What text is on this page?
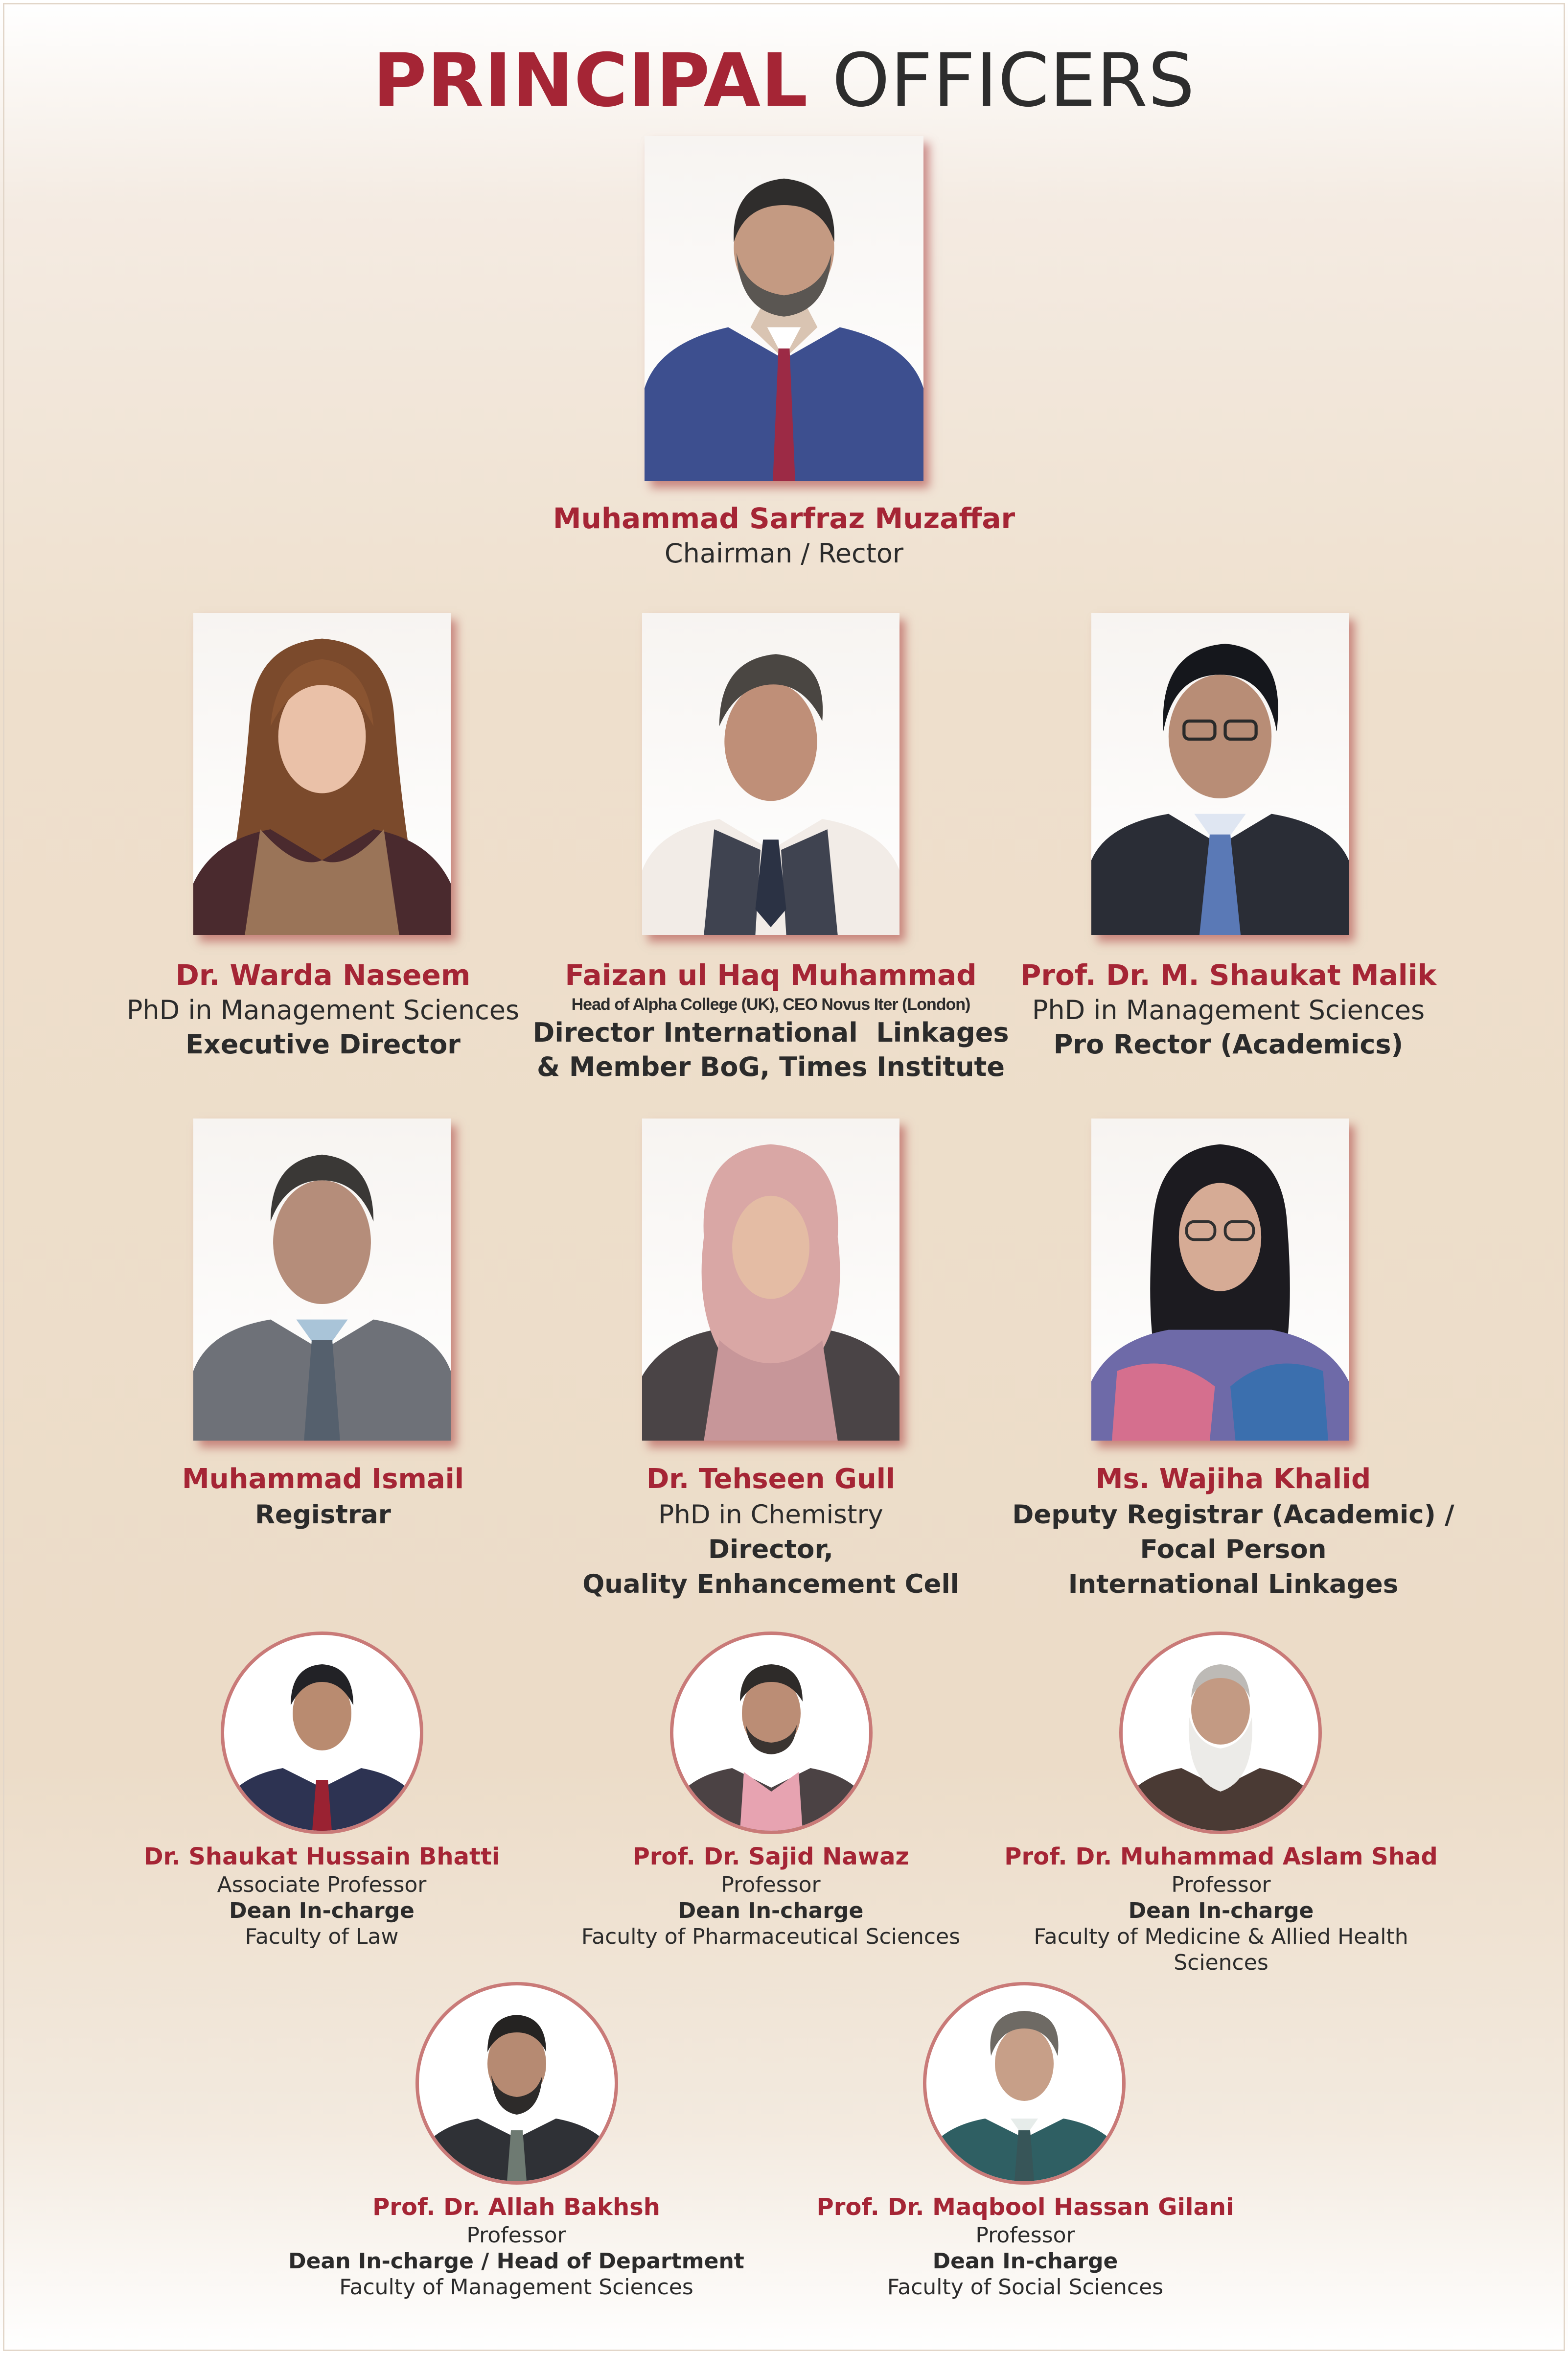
PRINCIPAL OFFICERS
Muhammad Sarfraz Muzaffar
Chairman / Rector
Dr. Warda Naseem
PhD in Management Sciences
Executive Director
Faizan ul Haq Muhammad
Head of Alpha College (UK), CEO Novus Iter (London)
Director International  Linkages
& Member BoG, Times Institute
Prof. Dr. M. Shaukat Malik
PhD in Management Sciences
Pro Rector (Academics)
Muhammad Ismail
Registrar
Dr. Tehseen Gull
PhD in Chemistry
Director,
Quality Enhancement Cell
Ms. Wajiha Khalid
Deputy Registrar (Academic) /
Focal Person
International Linkages
Dr. Shaukat Hussain Bhatti
Associate Professor
Dean In-charge
Faculty of Law
Prof. Dr. Sajid Nawaz
Professor
Dean In-charge
Faculty of Pharmaceutical Sciences
Prof. Dr. Muhammad Aslam Shad
Professor
Dean In-charge
Faculty of Medicine & Allied Health Sciences
Prof. Dr. Allah Bakhsh
Professor
Dean In-charge / Head of Department
Faculty of Management Sciences
Prof. Dr. Maqbool Hassan Gilani
Professor
Dean In-charge
Faculty of Social Sciences
